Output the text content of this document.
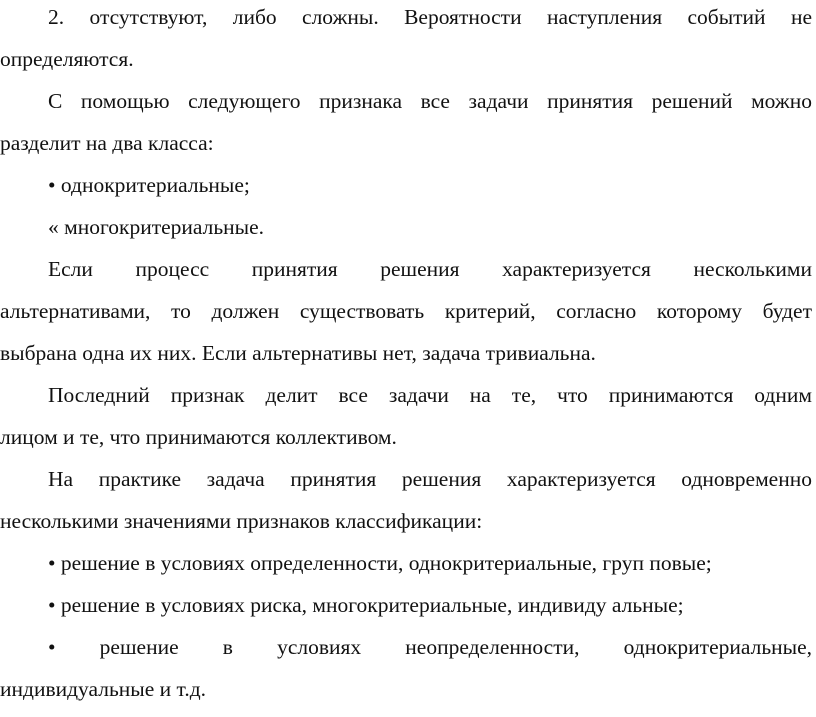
2. отсутствуют, либо сложны. Вероятности наступления событий не
определяются.
С помощью следующего признака все задачи принятия решений можно
разделит на два класса:
• однокритериальные;
« многокритериальные.
Если процесс принятия решения характеризуется несколькими
альтернативами, то должен существовать критерий, согласно которому будет
выбрана одна их них. Если альтернативы нет, задача тривиальна.
Последний признак делит все задачи на те, что принимаются одним
лицом и те, что принимаются коллективом.
На практике задача принятия решения характеризуется одновременно
несколькими значениями признаков классификации:
• решение в условиях определенности, однокритериальные, груп повые;
• решение в условиях риска, многокритериальные, индивиду альные;
• решение в условиях неопределенности, однокритериальные,
индивидуальные и т.д.
